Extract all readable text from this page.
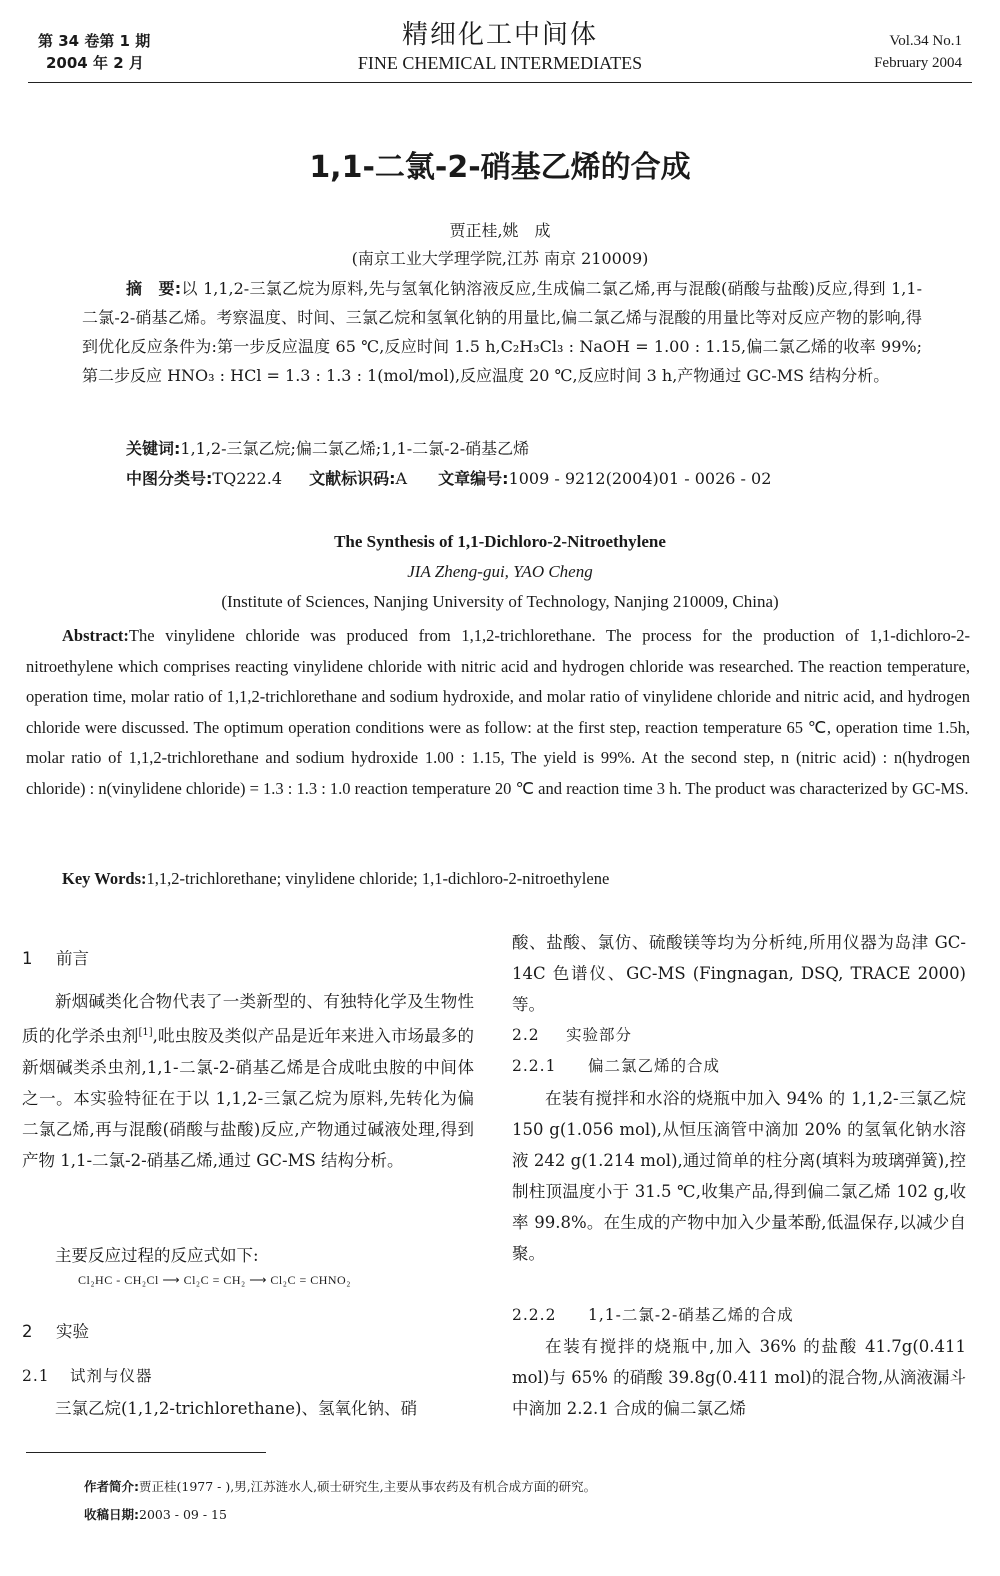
第 34 卷第 1 期
2004 年 2 月
精细化工中间体
FINE CHEMICAL INTERMEDIATES
Vol.34 No.1
February 2004
1,1-二氯-2-硝基乙烯的合成
贾正桂,姚　成
(南京工业大学理学院,江苏 南京 210009)
摘　要:以 1,1,2-三氯乙烷为原料,先与氢氧化钠溶液反应,生成偏二氯乙烯,再与混酸(硝酸与盐酸)反应,得到 1,1-二氯-2-硝基乙烯。考察温度、时间、三氯乙烷和氢氧化钠的用量比,偏二氯乙烯与混酸的用量比等对反应产物的影响,得到优化反应条件为:第一步反应温度 65 ℃,反应时间 1.5 h,C₂H₃Cl₃ : NaOH = 1.00 : 1.15,偏二氯乙烯的收率 99%;第二步反应 HNO₃ : HCl = 1.3 : 1.3 : 1(mol/mol),反应温度 20 ℃,反应时间 3 h,产物通过 GC-MS 结构分析。
关键词:1,1,2-三氯乙烷;偏二氯乙烯;1,1-二氯-2-硝基乙烯
中图分类号:TQ222.4 文献标识码:A 文章编号:1009 - 9212(2004)01 - 0026 - 02
The Synthesis of 1,1-Dichloro-2-Nitroethylene
JIA Zheng-gui, YAO Cheng
(Institute of Sciences, Nanjing University of Technology, Nanjing 210009, China)
Abstract:The vinylidene chloride was produced from 1,1,2-trichlorethane. The process for the production of 1,1-dichloro-2-nitroethylene which comprises reacting vinylidene chloride with nitric acid and hydrogen chloride was researched. The reaction temperature, operation time, molar ratio of 1,1,2-trichlorethane and sodium hydroxide, and molar ratio of vinylidene chloride and nitric acid, and hydrogen chloride were discussed. The optimum operation conditions were as follow: at the first step, reaction temperature 65 ℃, operation time 1.5h, molar ratio of 1,1,2-trichlorethane and sodium hydroxide 1.00 : 1.15, The yield is 99%. At the second step, n (nitric acid) : n(hydrogen chloride) : n(vinylidene chloride) = 1.3 : 1.3 : 1.0 reaction temperature 20 ℃ and reaction time 3 h. The product was characterized by GC-MS.
Key Words:1,1,2-trichlorethane; vinylidene chloride; 1,1-dichloro-2-nitroethylene
1 前言
新烟碱类化合物代表了一类新型的、有独特化学及生物性质的化学杀虫剂[1],吡虫胺及类似产品是近年来进入市场最多的新烟碱类杀虫剂,1,1-二氯-2-硝基乙烯是合成吡虫胺的中间体之一。本实验特征在于以 1,1,2-三氯乙烷为原料,先转化为偏二氯乙烯,再与混酸(硝酸与盐酸)反应,产物通过碱液处理,得到产物 1,1-二氯-2-硝基乙烯,通过 GC-MS 结构分析。
主要反应过程的反应式如下:
Cl₂HC - CH₂Cl ⟶ Cl₂C = CH₂ ⟶ Cl₂C = CHNO₂
2 实验
2.1 试剂与仪器
三氯乙烷(1,1,2-trichlorethane)、氢氧化钠、硝
酸、盐酸、氯仿、硫酸镁等均为分析纯,所用仪器为岛津 GC-14C 色谱仪、GC-MS (Fingnagan, DSQ, TRACE 2000)等。
2.2 实验部分
2.2.1 偏二氯乙烯的合成
在装有搅拌和水浴的烧瓶中加入 94% 的 1,1,2-三氯乙烷 150 g(1.056 mol),从恒压滴管中滴加 20% 的氢氧化钠水溶液 242 g(1.214 mol),通过简单的柱分离(填料为玻璃弹簧),控制柱顶温度小于 31.5 ℃,收集产品,得到偏二氯乙烯 102 g,收率 99.8%。在生成的产物中加入少量苯酚,低温保存,以减少自聚。
2.2.2 1,1-二氯-2-硝基乙烯的合成
在装有搅拌的烧瓶中,加入 36% 的盐酸 41.7g(0.411 mol)与 65% 的硝酸 39.8g(0.411 mol)的混合物,从滴液漏斗中滴加 2.2.1 合成的偏二氯乙烯
作者简介:贾正桂(1977 - ),男,江苏涟水人,硕士研究生,主要从事农药及有机合成方面的研究。
收稿日期:2003 - 09 - 15
